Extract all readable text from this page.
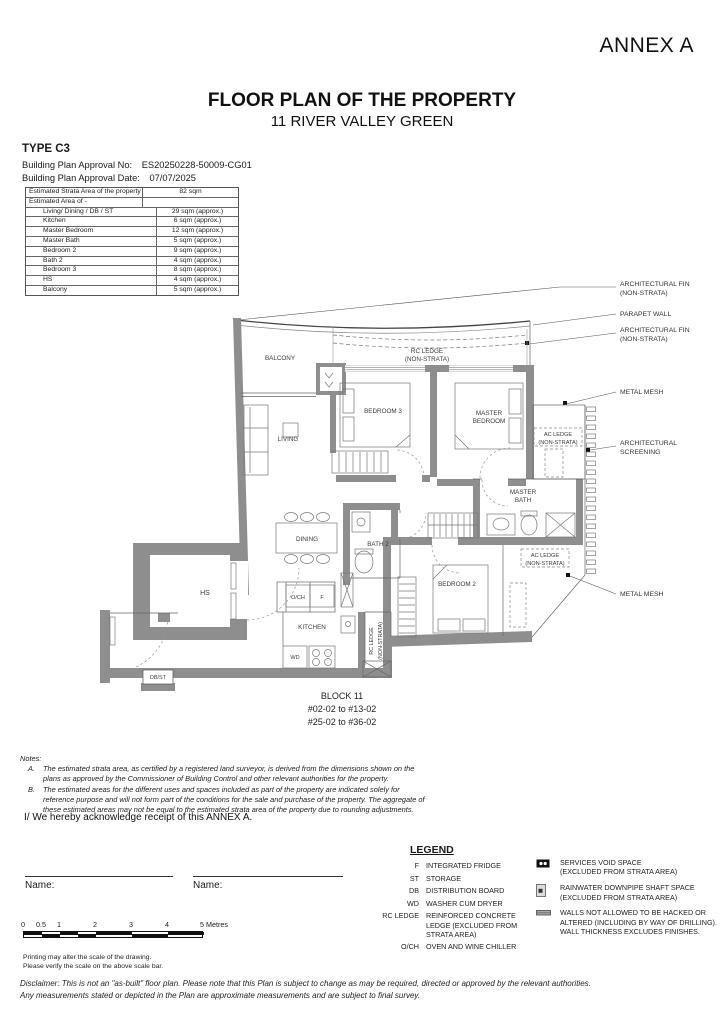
ANNEX A
FLOOR PLAN OF THE PROPERTY
11 RIVER VALLEY GREEN
TYPE C3
Building Plan Approval No: ES20250228-50009-CG01
Building Plan Approval Date: 07/07/2025
Estimated Strata Area of the property	82 sqm
Estimated Area of -
Living/ Dining / DB / ST	29 sqm (approx.)
Kitchen	6 sqm (approx.)
Master Bedroom	12 sqm (approx.)
Master Bath	5 sqm (approx.)
Bedroom 2	9 sqm (approx.)
Bath 2	4 sqm (approx.)
Bedroom 3	8 sqm (approx.)
HS	4 sqm (approx.)
Balcony	5 sqm (approx.)
BALCONY
RC LEDGE
(NON-STRATA)
LIVING
BEDROOM 3	MASTER
BEDROOM
MASTER
BATH
DINING
BATH 2
BEDROOM 2
HS
KITCHEN
O/CH	F
WD
DB/ST
AC LEDGE
(NON-STRATA)
AC LEDGE
(NON-STRATA)
RC LEDGE (NON-STRATA)
ARCHITECTURAL FIN
(NON-STRATA)
PARAPET WALL
ARCHITECTURAL FIN
(NON-STRATA)
METAL MESH
ARCHITECTURAL
SCREENING
METAL MESH
BLOCK 11
#02-02 to #13-02
#25-02 to #36-02
Notes:
A.	The estimated strata area, as certified by a registered land surveyor, is derived from the dimensions shown on the plans as approved by the Commissioner of Building Control and other relevant authorities for the property.
B.	The estimated areas for the different uses and spaces included as part of the property are indicated solely for reference purpose and will not form part of the conditions for the sale and purchase of the property. The aggregate of these estimated areas may not be equal to the estimated strata area of the property due to rounding adjustments.
I/ We hereby acknowledge receipt of this ANNEX A.
LEGEND
F INTEGRATED FRIDGE
ST STORAGE
DB DISTRIBUTION BOARD
WD WASHER CUM DRYER
RC LEDGE REINFORCED CONCRETE
LEDGE (EXCLUDED FROM
STRATA AREA)
O/CH OVEN AND WINE CHILLER
SERVICES VOID SPACE
(EXCLUDED FROM STRATA AREA)
RAINWATER DOWNPIPE SHAFT SPACE
(EXCLUDED FROM STRATA AREA)
WALLS NOT ALLOWED TO BE HACKED OR
ALTERED (INCLUDING BY WAY OF DRILLING).
WALL THICKNESS EXCLUDES FINISHES.
Name:	Name:
0 0.5 1	2	3	4	5 Metres
Printing may alter the scale of the drawing.
Please verify the scale on the above scale bar.
Disclaimer: This is not an "as-built" floor plan. Please note that this Plan is subject to change as may be required, directed or approved by the relevant authorities.
Any measurements stated or depicted in the Plan are approximate measurements and are subject to final survey.
